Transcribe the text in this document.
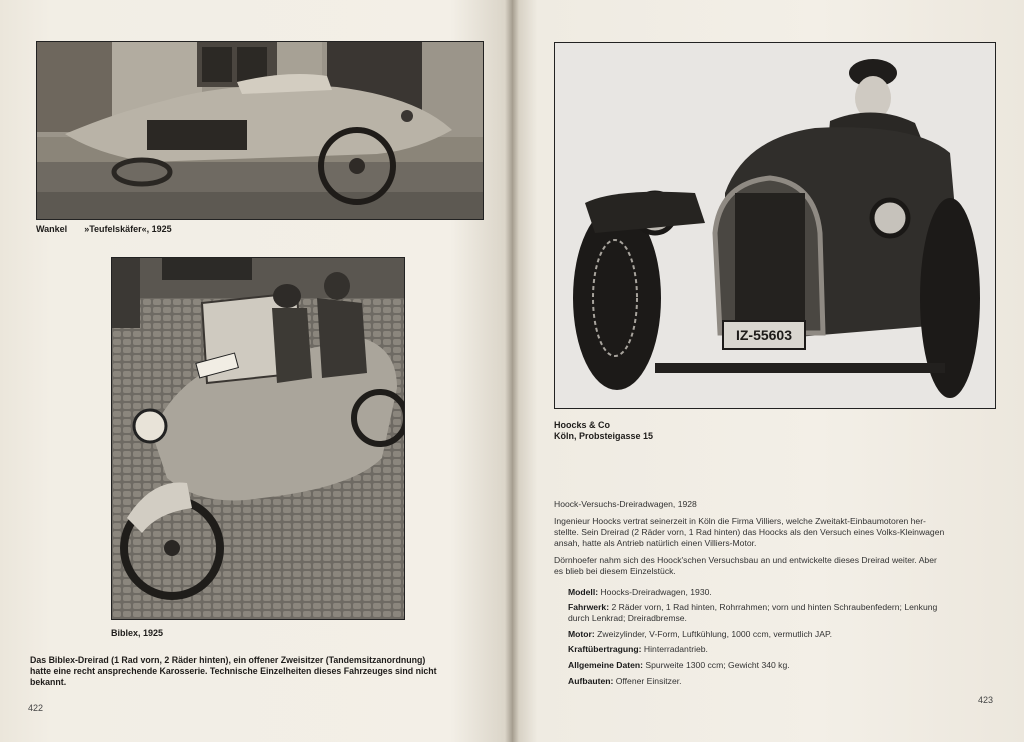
Wankel »Teufelskäfer«, 1925
Biblex, 1925
Das Biblex-Dreirad (1 Rad vorn, 2 Räder hinten), ein offener Zweisitzer (Tandemsitzanordnung)
hatte eine recht ansprechende Karosserie. Technische Einzelheiten dieses Fahrzeuges sind nicht
bekannt.
422
IZ-55603
Hoocks & Co
Köln, Probsteigasse 15
Hoock-Versuchs-Dreiradwagen, 1928
Ingenieur Hoocks vertrat seinerzeit in Köln die Firma Villiers, welche Zweitakt-Einbaumotoren her-
stellte. Sein Dreirad (2 Räder vorn, 1 Rad hinten) das Hoocks als den Versuch eines Volks-Kleinwagen
ansah, hatte als Antrieb natürlich einen Villiers-Motor.
Dörnhoefer nahm sich des Hoock'schen Versuchsbau an und entwickelte dieses Dreirad weiter. Aber
es blieb bei diesem Einzelstück.
Modell: Hoocks-Dreiradwagen, 1930.
Fahrwerk: 2 Räder vorn, 1 Rad hinten, Rohrrahmen; vorn und hinten Schraubenfedern; Lenkung
durch Lenkrad; Dreiradbremse.
Motor: Zweizylinder, V-Form, Luftkühlung, 1000 ccm, vermutlich JAP.
Kraftübertragung: Hinterradantrieb.
Allgemeine Daten: Spurweite 1300 ccm; Gewicht 340 kg.
Aufbauten: Offener Einsitzer.
423
